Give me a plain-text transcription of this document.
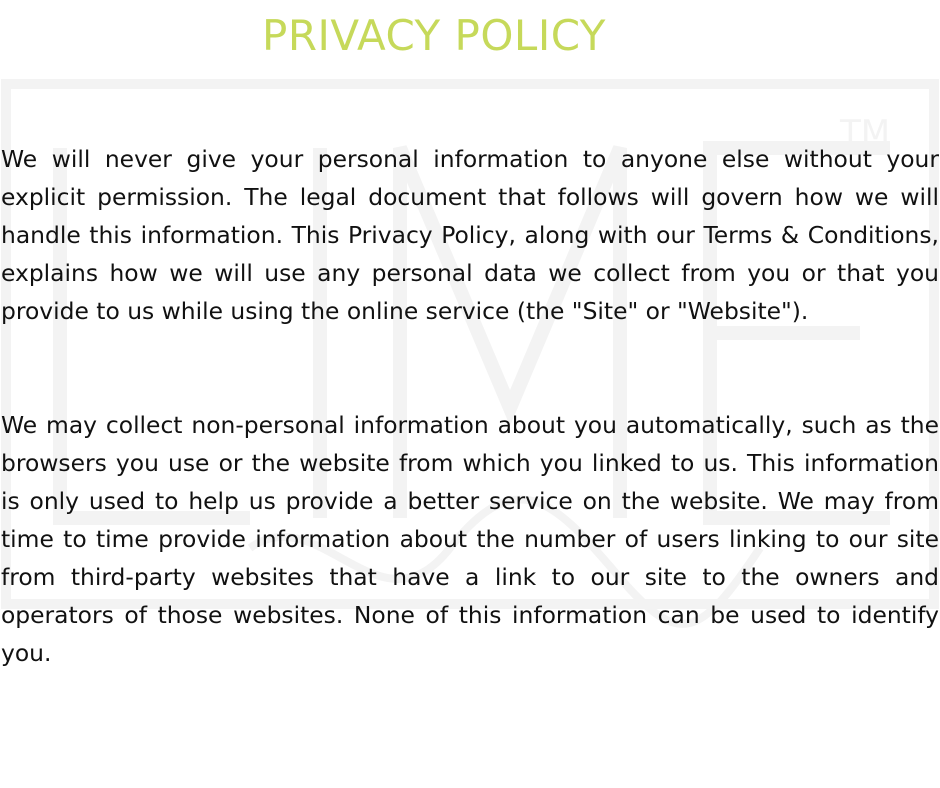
PRIVACY POLICY
TM

We will never give your personal information to anyone else without your explicit permission. The legal document that follows will govern how we will handle this information. This Privacy Policy, along with our Terms & Conditions, explains how we will use any personal data we collect from you or that you provide to us while using the online service (the "Site" or "Website").

We may collect non-personal information about you automatically, such as the browsers you use or the website from which you linked to us. This information is only used to help us provide a better service on the website. We may from time to time provide information about the number of users linking to our site from third-party websites that have a link to our site to the owners and operators of those websites. None of this information can be used to identify you.
